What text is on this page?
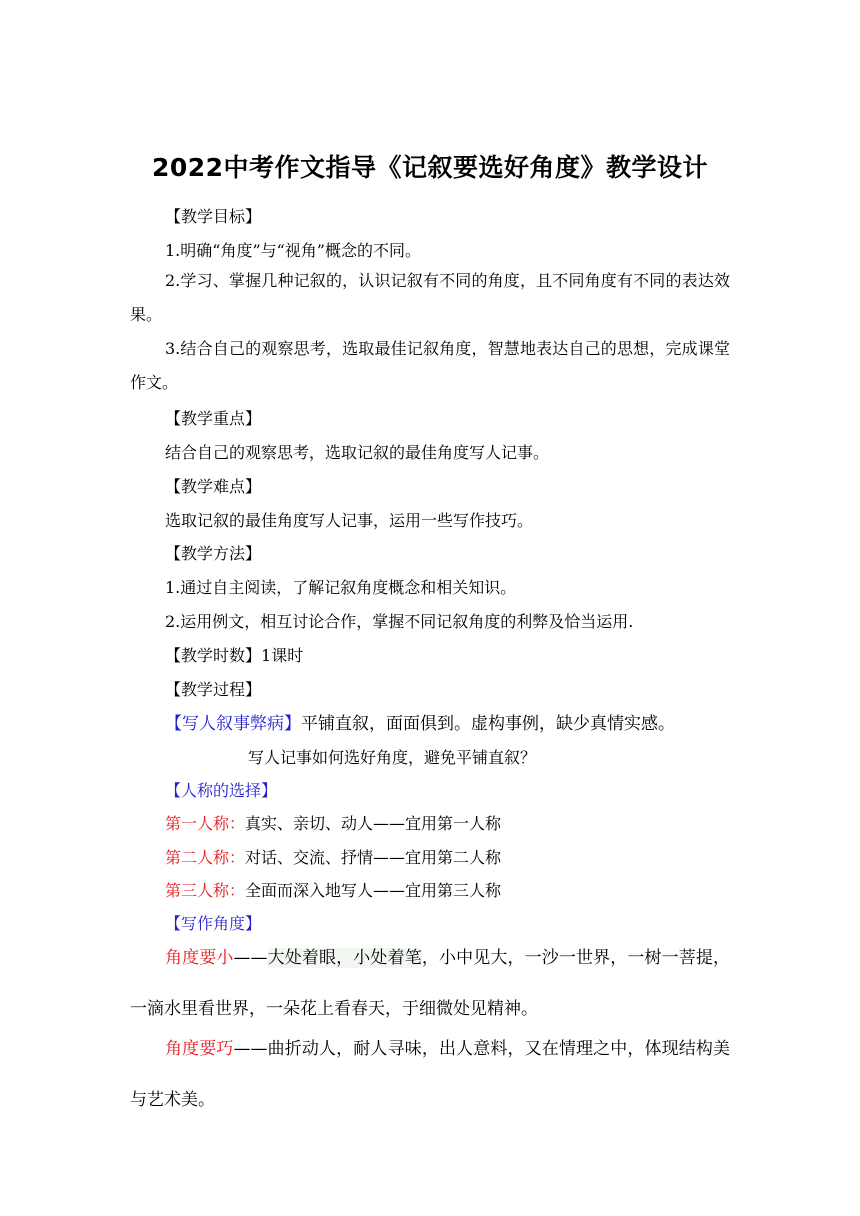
2022中考作文指导《记叙要选好角度》教学设计
【教学目标】
1.明确“角度”与“视角”概念的不同。
2.学习、掌握几种记叙的，认识记叙有不同的角度，且不同角度有不同的表达效果。
3.结合自己的观察思考，选取最佳记叙角度，智慧地表达自己的思想，完成课堂作文。
【教学重点】
结合自己的观察思考，选取记叙的最佳角度写人记事。
【教学难点】
选取记叙的最佳角度写人记事，运用一些写作技巧。
【教学方法】
1.通过自主阅读，了解记叙角度概念和相关知识。
2.运用例文，相互讨论合作，掌握不同记叙角度的利弊及恰当运用.
【教学时数】1课时
【教学过程】
【写人叙事弊病】平铺直叙，面面俱到。虚构事例，缺少真情实感。
写人记事如何选好角度，避免平铺直叙？
【人称的选择】
第一人称：真实、亲切、动人——宜用第一人称
第二人称：对话、交流、抒情——宜用第二人称
第三人称：全面而深入地写人——宜用第三人称
【写作角度】
角度要小——大处着眼，小处着笔，小中见大，一沙一世界，一树一菩提，一滴水里看世界，一朵花上看春天，于细微处见精神。
角度要巧——曲折动人，耐人寻味，出人意料，又在情理之中，体现结构美与艺术美。
